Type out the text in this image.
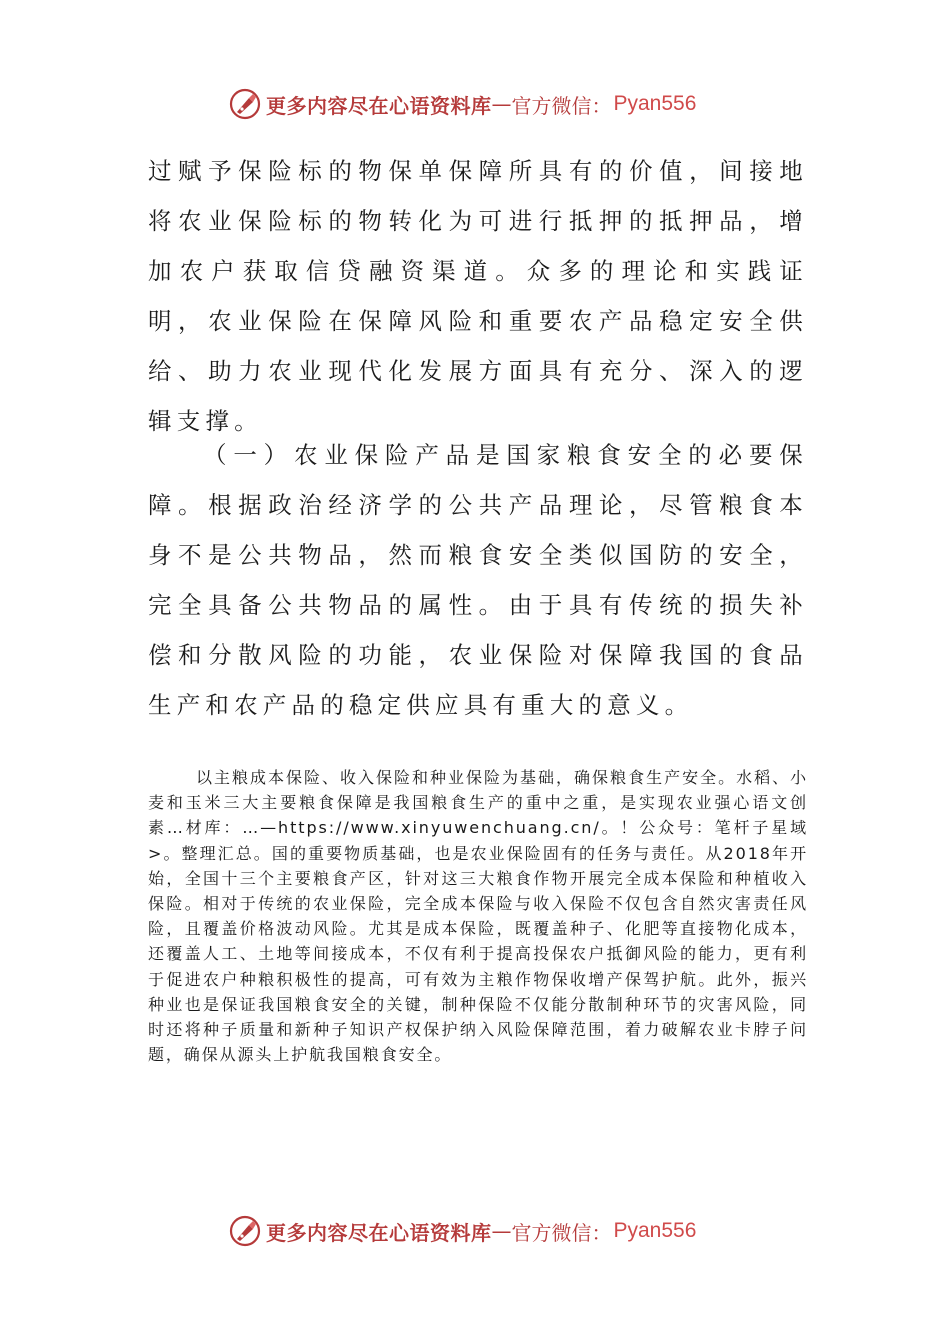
更多内容尽在心语资料库 — 官方微信： Pyan556

过赋予保险标的物保单保障所具有的价值，间接地将农业保险标的物转化为可进行抵押的抵押品，增加农户获取信贷融资渠道。众多的理论和实践证明，农业保险在保障风险和重要农产品稳定安全供给、助力农业现代化发展方面具有充分、深入的逻辑支撑。

（一）农业保险产品是国家粮食安全的必要保障。根据政治经济学的公共产品理论，尽管粮食本身不是公共物品，然而粮食安全类似国防的安全，完全具备公共物品的属性。由于具有传统的损失补偿和分散风险的功能，农业保险对保障我国的食品生产和农产品的稳定供应具有重大的意义。

以主粮成本保险、收入保险和种业保险为基础，确保粮食生产安全。水稻、小麦和玉米三大主要粮食保障是我国粮食生产的重中之重，是实现农业强心语文创素…材库：…—https://www.xinyuwenchuang.cn/。！公众号：笔杆子星域>。整理汇总。国的重要物质基础，也是农业保险固有的任务与责任。从2018年开始，全国十三个主要粮食产区，针对这三大粮食作物开展完全成本保险和种植收入保险。相对于传统的农业保险，完全成本保险与收入保险不仅包含自然灾害责任风险，且覆盖价格波动风险。尤其是成本保险，既覆盖种子、化肥等直接物化成本，还覆盖人工、土地等间接成本，不仅有利于提高投保农户抵御风险的能力，更有利于促进农户种粮积极性的提高，可有效为主粮作物保收增产保驾护航。此外，振兴种业也是保证我国粮食安全的关键，制种保险不仅能分散制种环节的灾害风险，同时还将种子质量和新种子知识产权保护纳入风险保障范围，着力破解农业卡脖子问题，确保从源头上护航我国粮食安全。

更多内容尽在心语资料库 — 官方微信： Pyan556
